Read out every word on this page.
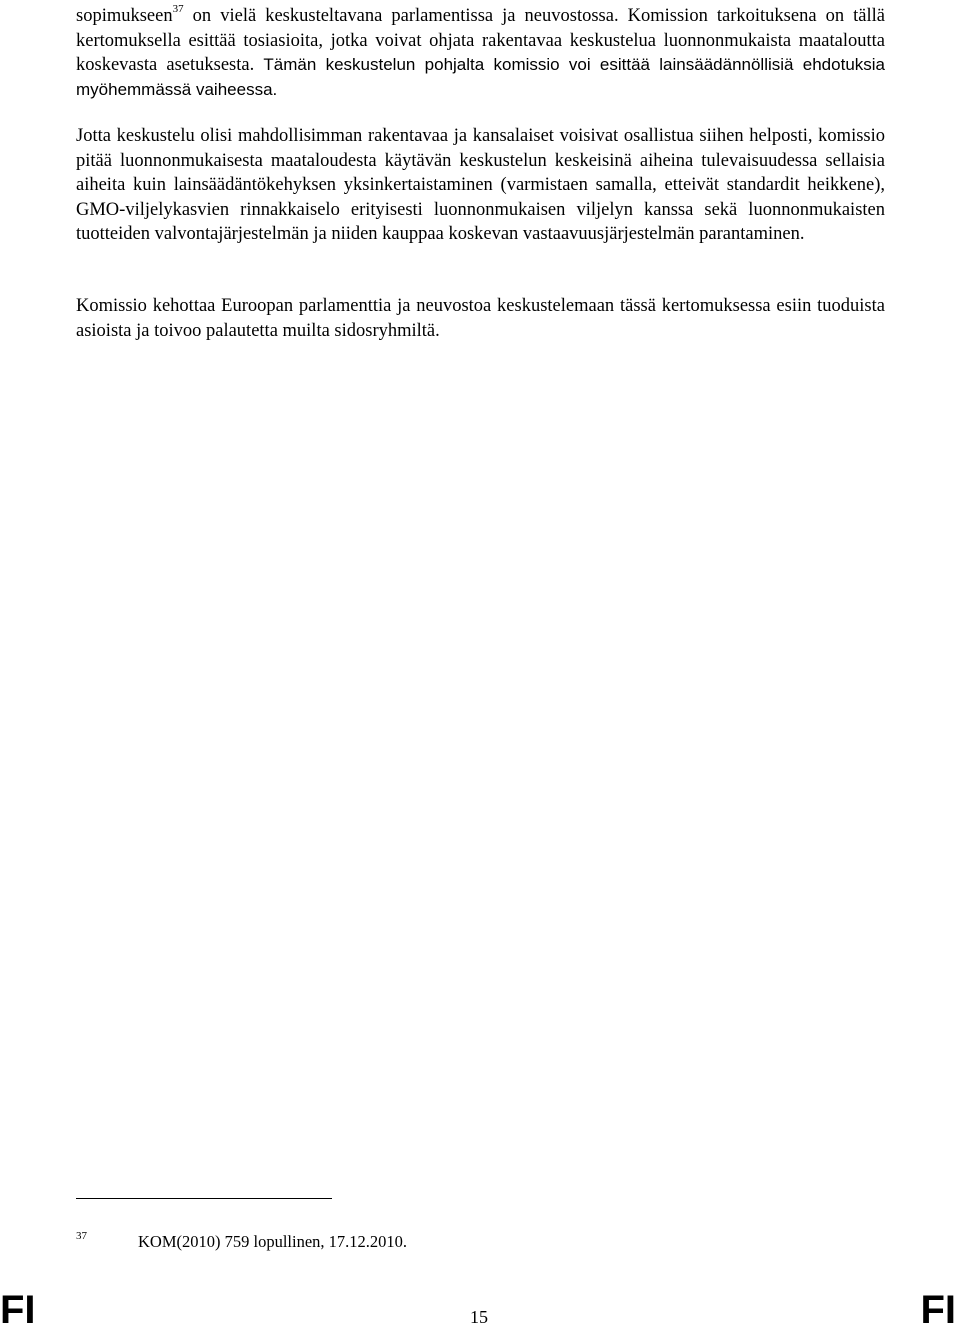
sopimukseen$^{37}$ on vielä keskusteltavana parlamentissa ja neuvostossa. Komission tarkoituksena on tällä kertomuksella esittää tosiasioita, jotka voivat ohjata rakentavaa keskustelua luonnonmukaista maataloutta koskevasta asetuksesta. Tämän keskustelun pohjalta komissio voi esittää lainsäädännöllisiä ehdotuksia myöhemmässä vaiheessa.

Jotta keskustelu olisi mahdollisimman rakentavaa ja kansalaiset voisivat osallistua siihen helposti, komissio pitää luonnonmukaisesta maataloudesta käytävän keskustelun keskeisinä aiheina tulevaisuudessa sellaisia aiheita kuin lainsäädäntökehyksen yksinkertaistaminen (varmistaen samalla, etteivät standardit heikkene), GMO-viljelykasvien rinnakkaiselo erityisesti luonnonmukaisen viljelyn kanssa sekä luonnonmukaisten tuotteiden valvontajärjestelmän ja niiden kauppaa koskevan vastaavuusjärjestelmän parantaminen.

Komissio kehottaa Euroopan parlamenttia ja neuvostoa keskustelemaan tässä kertomuksessa esiin tuoduista asioista ja toivoo palautetta muilta sidosryhmiltä.

37	KOM(2010) 759 lopullinen, 17.12.2010.
FI	15	FI
